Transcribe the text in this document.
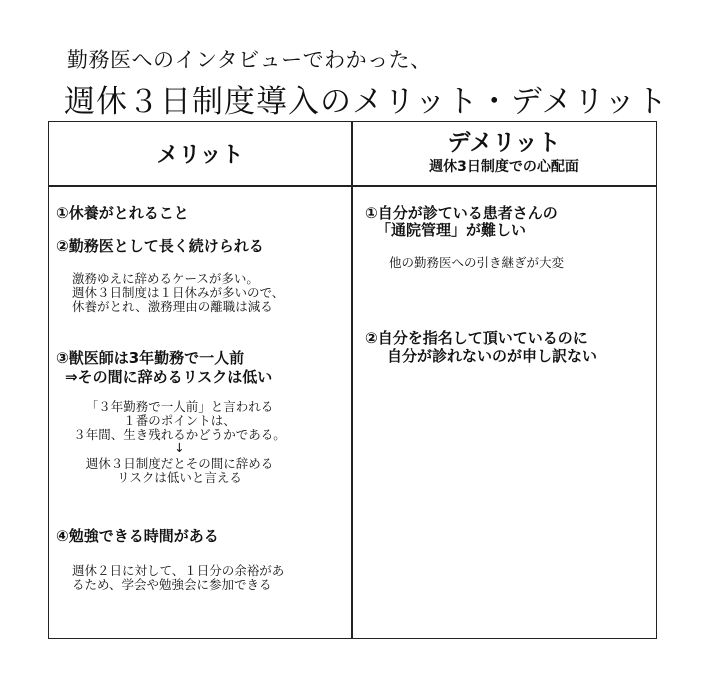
勤務医へのインタビューでわかった、
週休３日制度導入のメリット・デメリット
メリット	デメリット
週休3日制度での心配面
①休養がとれること
②勤務医として長く続けられる
激務ゆえに辞めるケースが多い。
週休３日制度は１日休みが多いので、
休養がとれ、激務理由の離職は減る
③獣医師は3年勤務で一人前
⇒その間に辞めるリスクは低い
「３年勤務で一人前」と言われる
１番のポイントは、
３年間、生き残れるかどうかである。
↓
週休３日制度だとその間に辞める
リスクは低いと言える
④勉強できる時間がある
週休２日に対して、１日分の余裕があ
るため、学会や勉強会に参加できる
①自分が診ている患者さんの
「通院管理」が難しい
他の勤務医への引き継ぎが大変
②自分を指名して頂いているのに
自分が診れないのが申し訳ない
